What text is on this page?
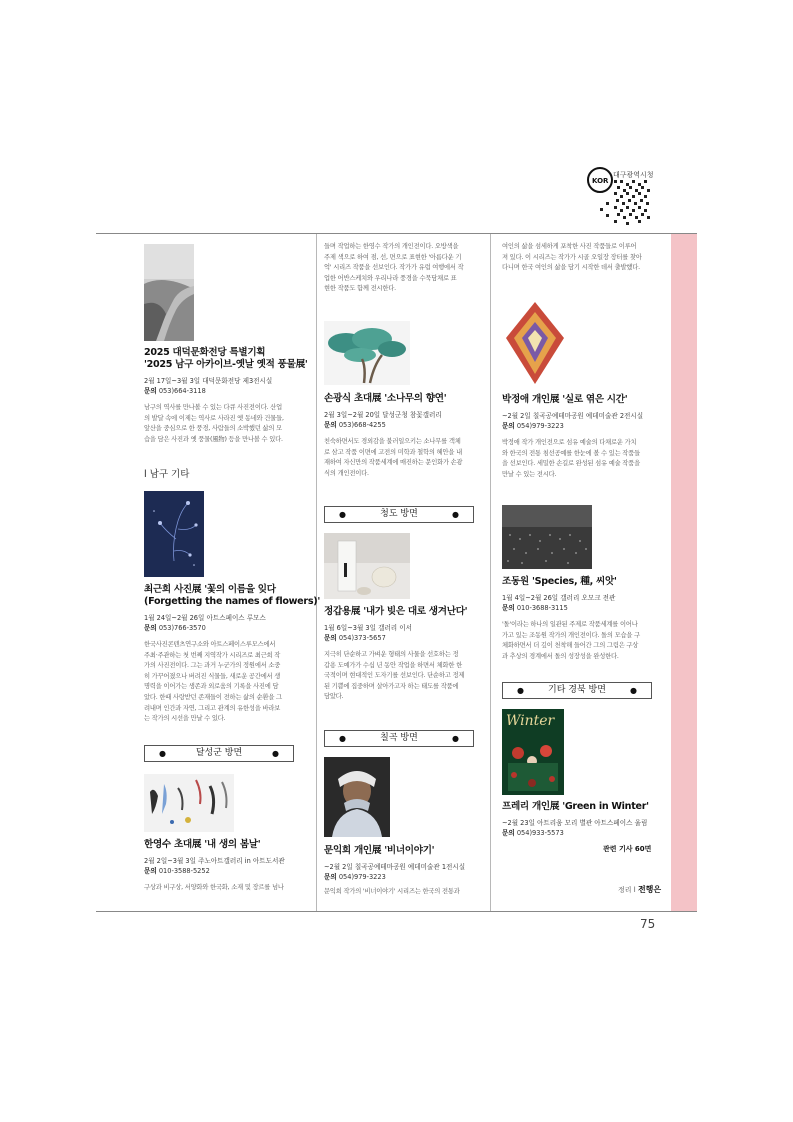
KOR
대구광역시청
2025 대덕문화전당 특별기획
'2025 남구 아카이브-옛날 옛적 풍물展'
2월 17일~3월 3일 대덕문화전당 제3전시실
문의 053)664-3118
남구의 역사를 만나볼 수 있는 다큐 사진전이다. 산업
의 발달 속에 이제는 역사로 사라진 옛 동네와 건물들,
앞산을 중심으로 한 풍경, 사람들의 소박했던 삶의 모
습을 담은 사진과 옛 풍물(風物) 등을 만나볼 수 있다.
l 남구 기타
최근희 사진展 '꽃의 이름을 잊다
(Forgetting the names of flowers)'
1월 24일~2월 26일 아트스페이스 루모스
문의 053)766-3570
한국사진콘텐츠연구소와 아트스페이스루모스에서
주최·주관하는 첫 번째 지역작가 시리즈로 최근희 작
가의 사진전이다. 그는 과거 누군가의 정원에서 소중
히 가꾸어졌으나 버려진 식물들, 새로운 공간에서 생
명력을 이어가는 생존과 외로움의 기록을 사진에 담
았다. 한때 사랑받던 존재들이 전하는 삶의 순환을 그
려내며 인간과 자연, 그리고 관계의 유한성을 바라보
는 작가의 시선을 만날 수 있다.
●	달성군 방면	●
한영수 초대展 '내 생의 봄날'
2월 2일~3월 3일 주노아트갤러리 in 아트도서관
문의 010-3588-5252
구상과 비구상, 서양화와 한국화, 소재 및 장르를 넘나
들며 작업하는 한영수 작가의 개인전이다. 오방색을
주제 색으로 하여 점, 선, 면으로 표현한 '아름다운 기
억' 시리즈 작품을 선보인다. 작가가 유럽 여행에서 작
업한 어반스케치와 우리나라 풍경을 수묵담채로 표
현한 작품도 함께 전시한다.
손광식 초대展 '소나무의 향연'
2월 3일~2월 20일 달성군청 참꽃갤러리
문의 053)668-4255
친숙하면서도 경외감을 불러일으키는 소나무를 객체
로 삼고 작품 이면에 고전의 미학과 철학의 혜안을 내
재하여 자신만의 작품세계에 매진하는 문인화가 손광
식의 개인전이다.
●	청도 방면	●
정갑용展 '내가 빚은 대로 생겨난다'
1월 6일~3월 3일 갤러리 이서
문의 054)373-5657
지극히 단순하고 가벼운 형태의 사물을 선호하는 정
갑용 도예가가 수십 년 동안 작업을 하면서 체화한 한
국적이며 현대적인 도자기를 선보인다. 단순하고 정제
된 기쁨에 집중하며 살아가고자 하는 태도를 작품에
담았다.
●	칠곡 방면	●
문익희 개인展 '비너이야기'
~2월 2일 칠곡공예테마공원 예데미술관 1전시실
문의 054)979-3223
문익희 작가의 '비너이야기' 시리즈는 한국의 전통과
여인의 삶을 섬세하게 포착한 사진 작품들로 이루어
져 있다. 이 시리즈는 작가가 시골 오일장 장터를 찾아
다니며 한국 여인의 삶을 담기 시작한 데서 출발했다.
박정애 개인展 '실로 엮은 시간'
~2월 2일 칠곡공예테마공원 예데미술관 2전시실
문의 054)979-3223
박정애 작가 개인전으로 섬유 예술의 다채로운 가치
와 한국의 전통 침선공예를 한눈에 볼 수 있는 작품들
을 선보인다. 세밀한 손길로 완성된 섬유 예술 작품을
만날 수 있는 전시다.
조동원 'Species, 種, 씨앗'
1월 4일~2월 26일 갤러리 오모크 전관
문의 010-3688-3115
'돌'이라는 하나의 일관된 주제로 작품세계를 이어나
가고 있는 조동원 작가의 개인전이다. 돌의 모습을 구
체화하면서 더 깊이 천착해 들어간 그의 그림은 구상
과 추상의 경계에서 돌의 성장성을 완성한다.
●	기타 경북 방면	●
Winter
프레리 개인展 'Green in Winter'
~2월 23일 아트리움 모리 별관 아트스페이스 울림
문의 054)933-5573
관련 기사 60면
정리 l 전행은
75
